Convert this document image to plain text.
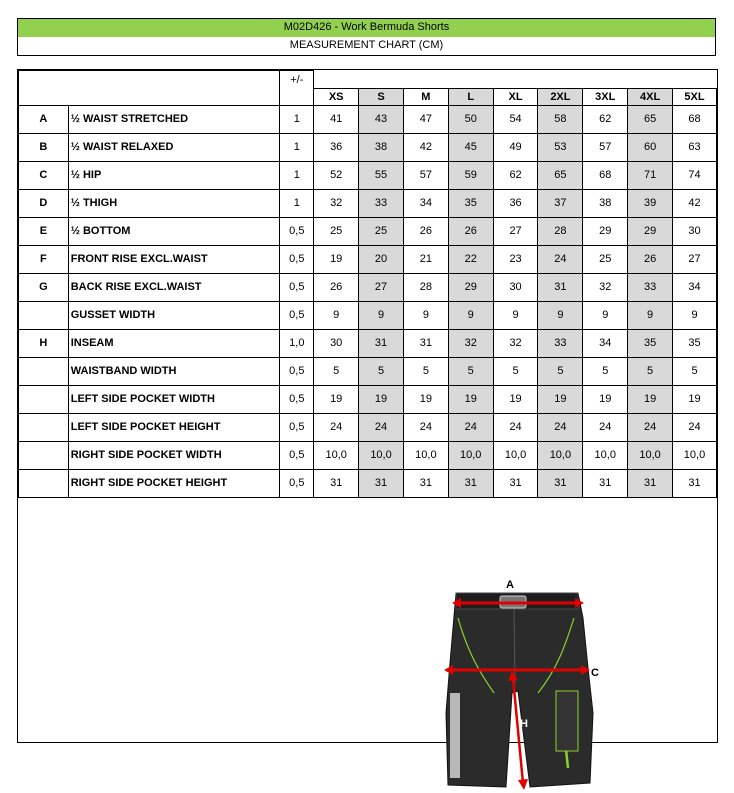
M02D426 - Work Bermuda Shorts
MEASUREMENT CHART (CM)
		+/-									
			XS	S	M	L	XL	2XL	3XL	4XL	5XL
A	½ WAIST STRETCHED	1	41	43	47	50	54	58	62	65	68
B	½ WAIST RELAXED	1	36	38	42	45	49	53	57	60	63
C	½ HIP	1	52	55	57	59	62	65	68	71	74
D	½ THIGH	1	32	33	34	35	36	37	38	39	42
E	½ BOTTOM	0,5	25	25	26	26	27	28	29	29	30
F	FRONT RISE EXCL.WAIST	0,5	19	20	21	22	23	24	25	26	27
G	BACK RISE EXCL.WAIST	0,5	26	27	28	29	30	31	32	33	34
	GUSSET WIDTH	0,5	9	9	9	9	9	9	9	9	9
H	INSEAM	1,0	30	31	31	32	32	33	34	35	35
	WAISTBAND WIDTH	0,5	5	5	5	5	5	5	5	5	5
	LEFT SIDE POCKET WIDTH	0,5	19	19	19	19	19	19	19	19	19
	LEFT SIDE POCKET HEIGHT	0,5	24	24	24	24	24	24	24	24	24
	RIGHT SIDE POCKET WIDTH	0,5	10,0	10,0	10,0	10,0	10,0	10,0	10,0	10,0	10,0
	RIGHT SIDE POCKET HEIGHT	0,5	31	31	31	31	31	31	31	31	31

A
C
H
